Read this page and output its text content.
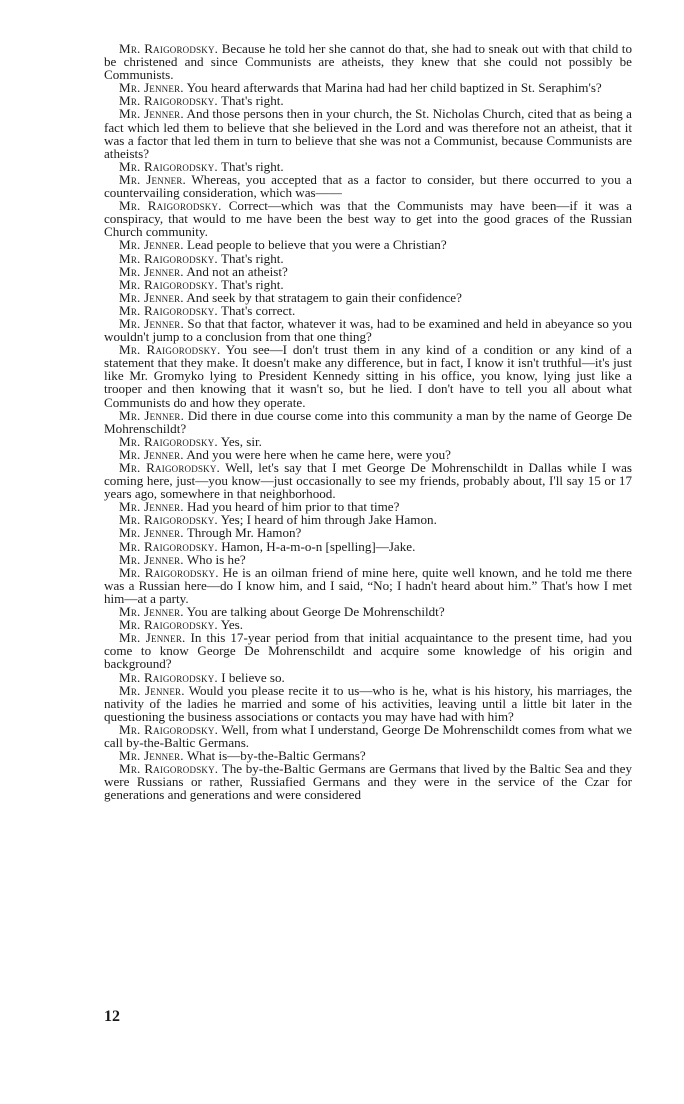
Mr. Raigorodsky. Because he told her she cannot do that, she had to sneak out with that child to be christened and since Communists are atheists, they knew that she could not possibly be Communists.

Mr. Jenner. You heard afterwards that Marina had had her child baptized in St. Seraphim's?

Mr. Raigorodsky. That's right.

Mr. Jenner. And those persons then in your church, the St. Nicholas Church, cited that as being a fact which led them to believe that she believed in the Lord and was therefore not an atheist, that it was a factor that led them in turn to believe that she was not a Communist, because Communists are atheists?

Mr. Raigorodsky. That's right.

Mr. Jenner. Whereas, you accepted that as a factor to consider, but there occurred to you a countervailing consideration, which was——

Mr. Raigorodsky. Correct—which was that the Communists may have been—if it was a conspiracy, that would to me have been the best way to get into the good graces of the Russian Church community.

Mr. Jenner. Lead people to believe that you were a Christian?

Mr. Raigorodsky. That's right.

Mr. Jenner. And not an atheist?

Mr. Raigorodsky. That's right.

Mr. Jenner. And seek by that stratagem to gain their confidence?

Mr. Raigorodsky. That's correct.

Mr. Jenner. So that that factor, whatever it was, had to be examined and held in abeyance so you wouldn't jump to a conclusion from that one thing?

Mr. Raigorodsky. You see—I don't trust them in any kind of a condition or any kind of a statement that they make. It doesn't make any difference, but in fact, I know it isn't truthful—it's just like Mr. Gromyko lying to President Kennedy sitting in his office, you know, lying just like a trooper and then knowing that it wasn't so, but he lied. I don't have to tell you all about what Communists do and how they operate.

Mr. Jenner. Did there in due course come into this community a man by the name of George De Mohrenschildt?

Mr. Raigorodsky. Yes, sir.

Mr. Jenner. And you were here when he came here, were you?

Mr. Raigorodsky. Well, let's say that I met George De Mohrenschildt in Dallas while I was coming here, just—you know—just occasionally to see my friends, probably about, I'll say 15 or 17 years ago, somewhere in that neighborhood.

Mr. Jenner. Had you heard of him prior to that time?

Mr. Raigorodsky. Yes; I heard of him through Jake Hamon.

Mr. Jenner. Through Mr. Hamon?

Mr. Raigorodsky. Hamon, H-a-m-o-n [spelling]—Jake.

Mr. Jenner. Who is he?

Mr. Raigorodsky. He is an oilman friend of mine here, quite well known, and he told me there was a Russian here—do I know him, and I said, “No; I hadn't heard about him.” That's how I met him—at a party.

Mr. Jenner. You are talking about George De Mohrenschildt?

Mr. Raigorodsky. Yes.

Mr. Jenner. In this 17-year period from that initial acquaintance to the present time, had you come to know George De Mohrenschildt and acquire some knowledge of his origin and background?

Mr. Raigorodsky. I believe so.

Mr. Jenner. Would you please recite it to us—who is he, what is his history, his marriages, the nativity of the ladies he married and some of his activities, leaving until a little bit later in the questioning the business associations or contacts you may have had with him?

Mr. Raigorodsky. Well, from what I understand, George De Mohrenschildt comes from what we call by-the-Baltic Germans.

Mr. Jenner. What is—by-the-Baltic Germans?

Mr. Raigorodsky. The by-the-Baltic Germans are Germans that lived by the Baltic Sea and they were Russians or rather, Russiafied Germans and they were in the service of the Czar for generations and generations and were considered

12
